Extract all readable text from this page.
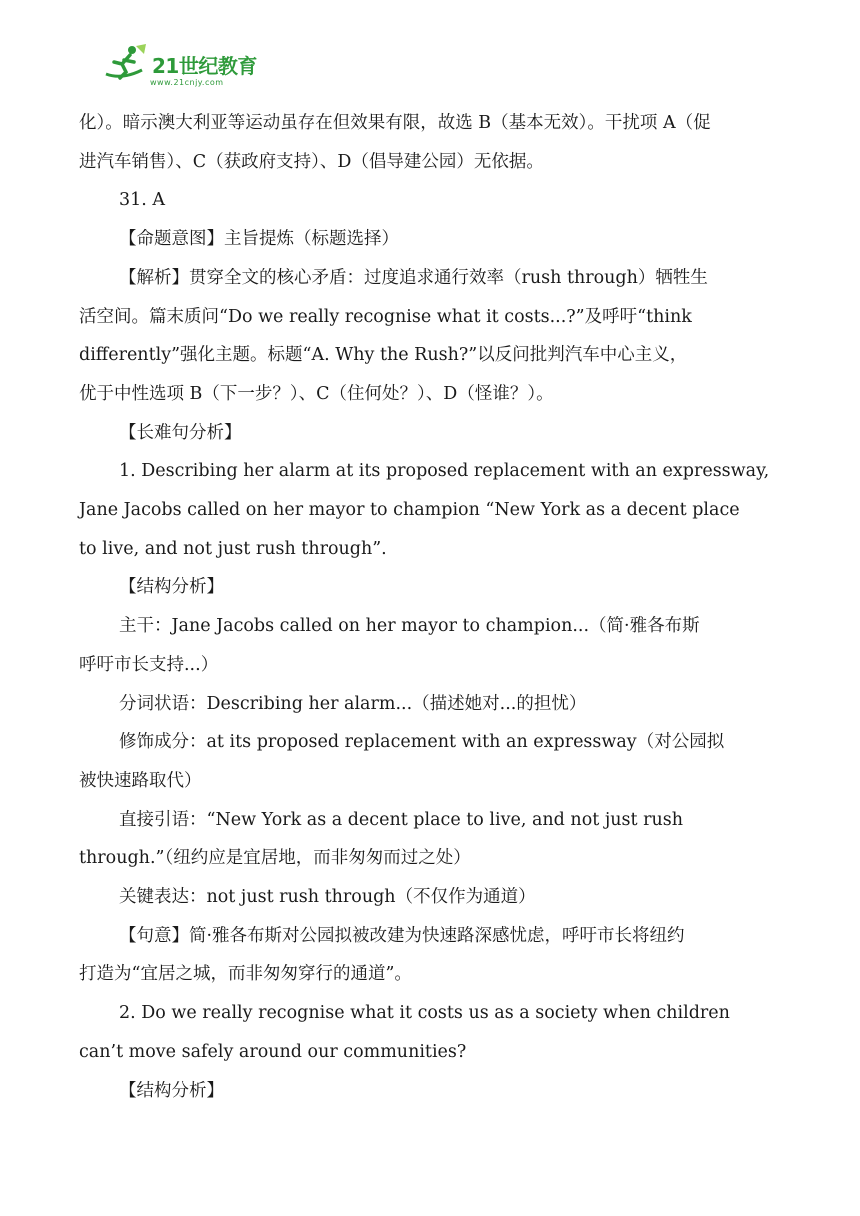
21世纪教育
www.21cnjy.com

化）。暗示澳大利亚等运动虽存在但效果有限，故选 B（基本无效）。干扰项 A（促

进汽车销售）、C（获政府支持）、D（倡导建公园）无依据。

31. A

【命题意图】主旨提炼（标题选择）

【解析】贯穿全文的核心矛盾：过度追求通行效率（rush through）牺牲生

活空间。篇末质问“Do we really recognise what it costs...?”及呼吁“think

differently”强化主题。标题“A. Why the Rush?”以反问批判汽车中心主义，

优于中性选项 B（下一步？）、C（住何处？）、D（怪谁？）。

【长难句分析】

1. Describing her alarm at its proposed replacement with an expressway,

Jane Jacobs called on her mayor to champion “New York as a decent place

to live, and not just rush through”.

【结构分析】

主干：Jane Jacobs called on her mayor to champion...（简·雅各布斯

呼吁市长支持...）

分词状语：Describing her alarm...（描述她对...的担忧）

修饰成分：at its proposed replacement with an expressway（对公园拟

被快速路取代）

直接引语：“New York as a decent place to live, and not just rush

through.”（纽约应是宜居地，而非匆匆而过之处）

关键表达：not just rush through（不仅作为通道）

【句意】简·雅各布斯对公园拟被改建为快速路深感忧虑，呼吁市长将纽约

打造为“宜居之城，而非匆匆穿行的通道”。

2. Do we really recognise what it costs us as a society when children

can’t move safely around our communities?

【结构分析】
